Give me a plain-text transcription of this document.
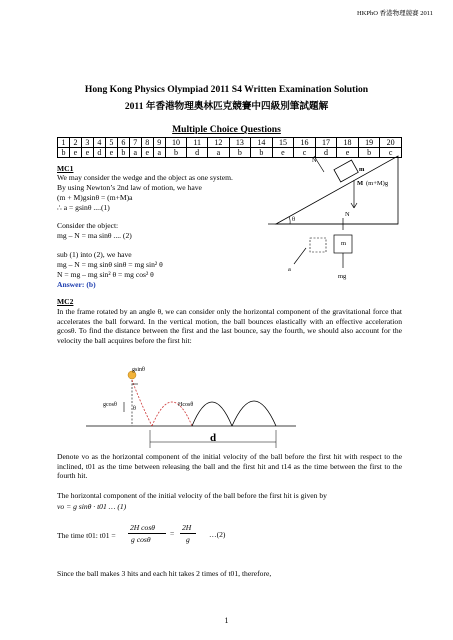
HKPhO 香港物理競賽 2011
Hong Kong Physics Olympiad 2011 S4 Written Examination Solution
2011 年香港物理奧林匹克競賽中四級別筆試題解
Multiple Choice Questions
1	2	3	4	5	6	7	8	9	10	11	12	13	14	15	16	17	18	19	20
b	e	e	d	e	b	a	e	a	b	d	a	b	b	e	c	d	e	b	c
MC1
We may consider the wedge and the object as one system.
By using Newton’s 2nd law of motion, we have
(m + M)gsinθ = (m+M)a
∴ a = gsinθ ....(1)
Consider the object:
mg – N = ma sinθ .... (2)
sub (1) into (2), we have
mg – N = mg sinθ sinθ = mg sin² θ
N = mg – mg sin² θ = mg cos² θ
Answer: (b)
N
m
M (m+M)g
N
θ
m
a
mg
MC2
In the frame rotated by an angle θ, we can consider only the horizontal component of the gravitational force that accelerates the ball forward. In the vertical motion, the ball bounces elastically with an effective acceleration gcosθ. To find the distance between the first and the last bounce, say the fourth, we should also account for the velocity the ball acquires before the first hit:
gsinθ
gcosθ
θ
Hcosθ
d
Denote vo as the horizontal component of the initial velocity of the ball before the first hit with respect to the inclined, t01 as the time between releasing the ball and the first hit and t14 as the time between the first to the fourth hit.
The horizontal component of the initial velocity of the ball before the first hit is given by
vo = g sinθ · t01 … (1)
The time t01: t01 =
2H cosθ
g cosθ
=
2H
g
…(2)
Since the ball makes 3 hits and each hit takes 2 times of t01, therefore,
1
